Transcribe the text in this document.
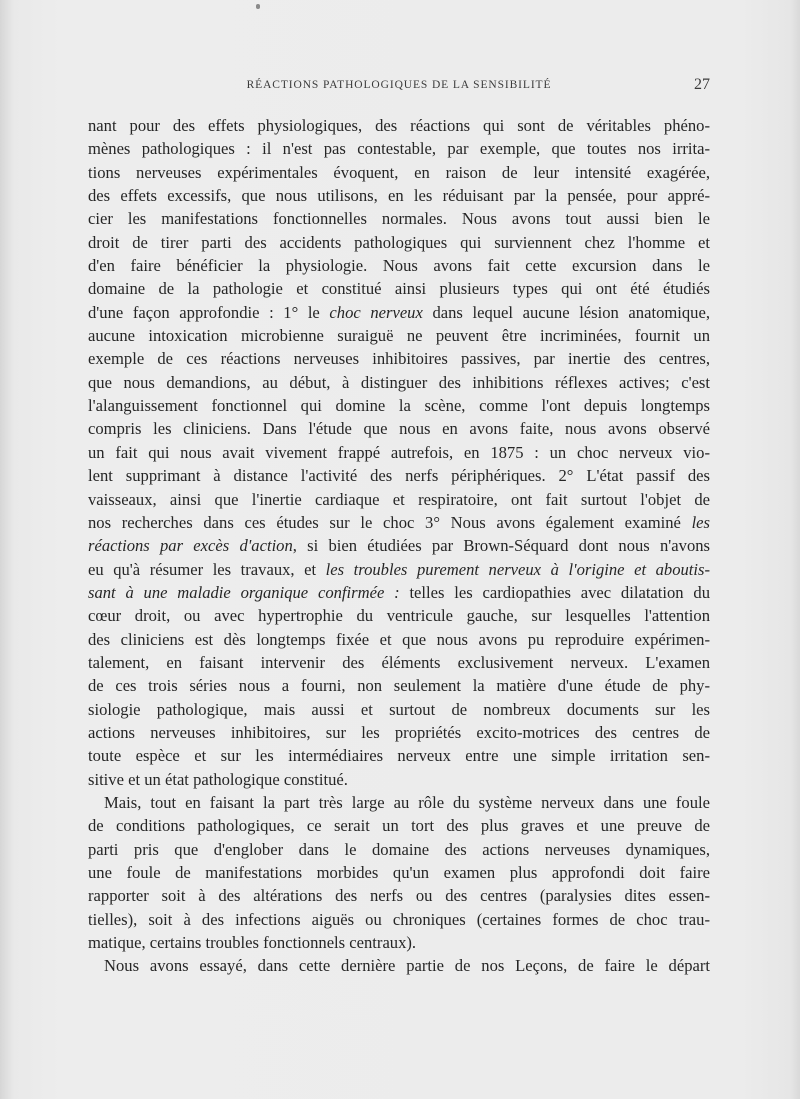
RÉACTIONS PATHOLOGIQUES DE LA SENSIBILITÉ	27
nant pour des effets physiologiques, des réactions qui sont de véritables phéno-
mènes pathologiques : il n'est pas contestable, par exemple, que toutes nos irrita-
tions nerveuses expérimentales évoquent, en raison de leur intensité exagérée,
des effets excessifs, que nous utilisons, en les réduisant par la pensée, pour appré-
cier les manifestations fonctionnelles normales. Nous avons tout aussi bien le
droit de tirer parti des accidents pathologiques qui surviennent chez l'homme et
d'en faire bénéficier la physiologie. Nous avons fait cette excursion dans le
domaine de la pathologie et constitué ainsi plusieurs types qui ont été étudiés
d'une façon approfondie : 1° le choc nerveux dans lequel aucune lésion anatomique,
aucune intoxication microbienne suraiguë ne peuvent être incriminées, fournit un
exemple de ces réactions nerveuses inhibitoires passives, par inertie des centres,
que nous demandions, au début, à distinguer des inhibitions réflexes actives; c'est
l'alanguissement fonctionnel qui domine la scène, comme l'ont depuis longtemps
compris les cliniciens. Dans l'étude que nous en avons faite, nous avons observé
un fait qui nous avait vivement frappé autrefois, en 1875 : un choc nerveux vio-
lent supprimant à distance l'activité des nerfs périphériques. 2° L'état passif des
vaisseaux, ainsi que l'inertie cardiaque et respiratoire, ont fait surtout l'objet de
nos recherches dans ces études sur le choc 3° Nous avons également examiné les
réactions par excès d'action, si bien étudiées par Brown-Séquard dont nous n'avons
eu qu'à résumer les travaux, et les troubles purement nerveux à l'origine et aboutis-
sant à une maladie organique confirmée : telles les cardiopathies avec dilatation du
cœur droit, ou avec hypertrophie du ventricule gauche, sur lesquelles l'attention
des cliniciens est dès longtemps fixée et que nous avons pu reproduire expérimen-
talement, en faisant intervenir des éléments exclusivement nerveux. L'examen
de ces trois séries nous a fourni, non seulement la matière d'une étude de phy-
siologie pathologique, mais aussi et surtout de nombreux documents sur les
actions nerveuses inhibitoires, sur les propriétés excito-motrices des centres de
toute espèce et sur les intermédiaires nerveux entre une simple irritation sen-
sitive et un état pathologique constitué.
Mais, tout en faisant la part très large au rôle du système nerveux dans une foule
de conditions pathologiques, ce serait un tort des plus graves et une preuve de
parti pris que d'englober dans le domaine des actions nerveuses dynamiques,
une foule de manifestations morbides qu'un examen plus approfondi doit faire
rapporter soit à des altérations des nerfs ou des centres (paralysies dites essen-
tielles), soit à des infections aiguës ou chroniques (certaines formes de choc trau-
matique, certains troubles fonctionnels centraux).
Nous avons essayé, dans cette dernière partie de nos Leçons, de faire le départ
